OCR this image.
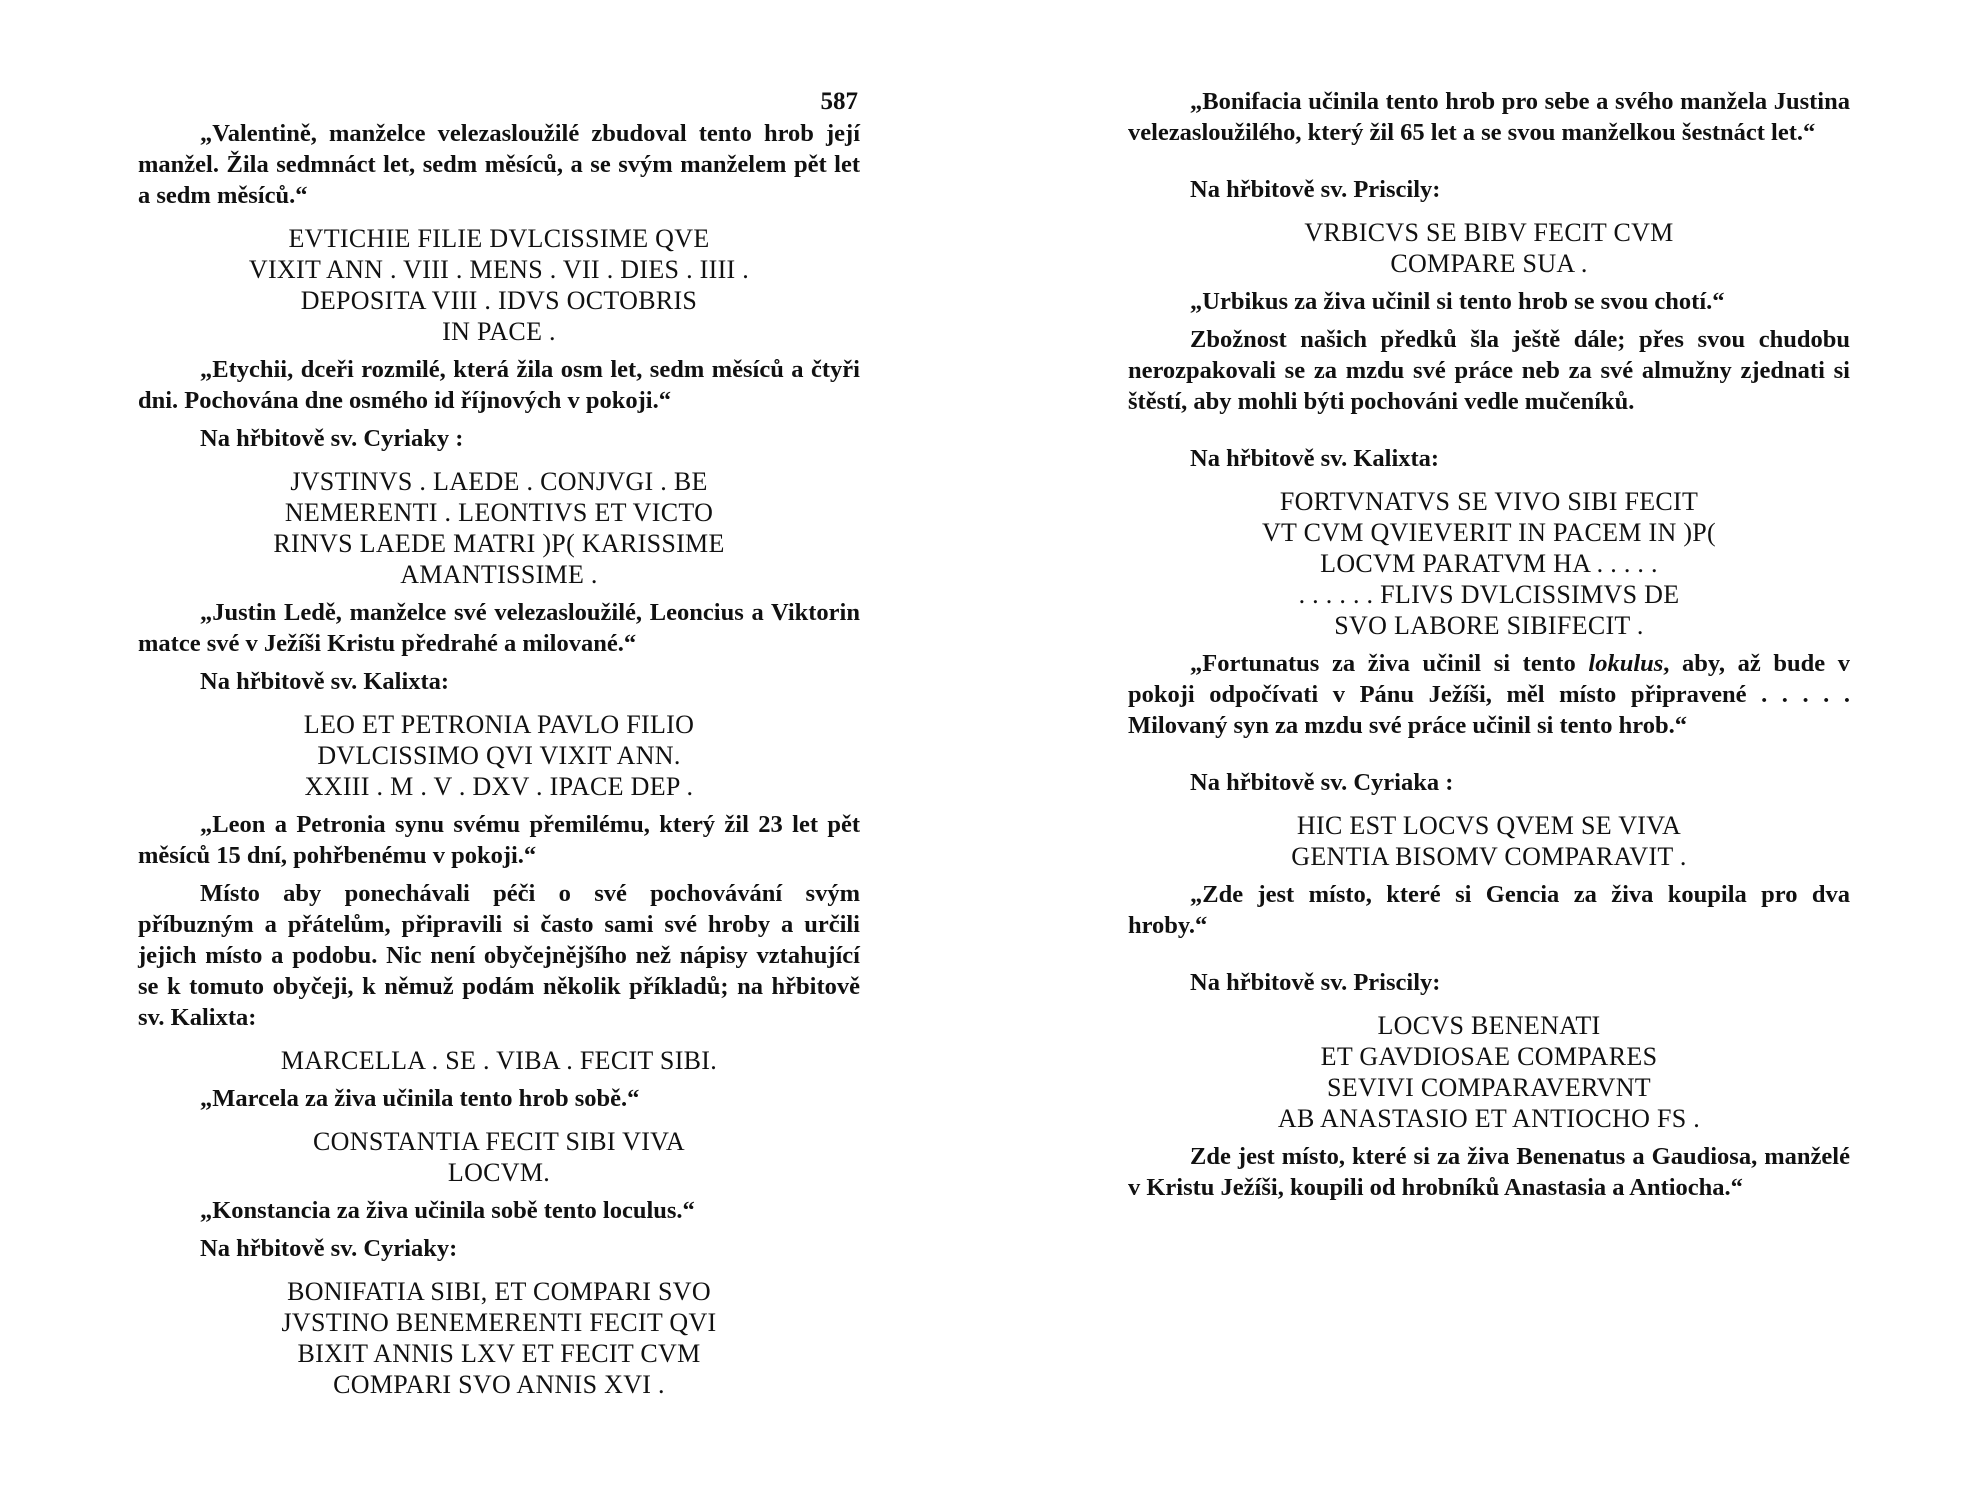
587

„Valentině, manželce velezasloužilé zbudoval tento hrob její manžel. Žila sedmnáct let, sedm měsíců, a se svým manželem pět let a sedm měsíců.“

EVTICHIE FILIE DVLCISSIME QVE
VIXIT ANN . VIII . MENS . VII . DIES . IIII .
DEPOSITA VIII . IDVS OCTOBRIS
IN PACE .

„Etychii, dceři rozmilé, která žila osm let, sedm měsíců a čtyři dni. Pochována dne osmého id říjnových v pokoji.“

Na hřbitově sv. Cyriaky :

JVSTINVS . LAEDE . CONJVGI . BE
NEMERENTI . LEONTIVS ET VICTO
RINVS LAEDE MATRI )P( KARISSIME
AMANTISSIME .

„Justin Ledě, manželce své velezasloužilé, Leoncius a Viktorin matce své v Ježíši Kristu předrahé a milované.“

Na hřbitově sv. Kalixta:

LEO ET PETRONIA PAVLO FILIO
DVLCISSIMO QVI VIXIT ANN.
XXIII . M . V . DXV . IPACE DEP .

„Leon a Petronia synu svému přemilému, který žil 23 let pět měsíců 15 dní, pohřbenému v pokoji.“

Místo aby ponechávali péči o své pochovávání svým příbuzným a přátelům, připravili si často sami své hroby a určili jejich místo a podobu. Nic není obyčejnějšího než nápisy vztahující se k tomuto obyčeji, k němuž podám několik příkladů; na hřbitově sv. Kalixta:

MARCELLA . SE . VIBA . FECIT SIBI.

„Marcela za živa učinila tento hrob sobě.“

CONSTANTIA FECIT SIBI VIVA
LOCVM.

„Konstancia za živa učinila sobě tento loculus.“

Na hřbitově sv. Cyriaky:

BONIFATIA SIBI, ET COMPARI SVO
JVSTINO BENEMERENTI FECIT QVI
BIXIT ANNIS LXV ET FECIT CVM
COMPARI SVO ANNIS XVI .

„Bonifacia učinila tento hrob pro sebe a svého manžela Justina velezasloužilého, který žil 65 let a se svou manželkou šestnáct let.“

Na hřbitově sv. Priscily:

VRBICVS SE BIBV FECIT CVM
COMPARE SUA .

„Urbikus za živa učinil si tento hrob se svou chotí.“

Zbožnost našich předků šla ještě dále; přes svou chudobu nerozpakovali se za mzdu své práce neb za své almužny zjednati si štěstí, aby mohli býti pochováni vedle mučeníků.

Na hřbitově sv. Kalixta:

FORTVNATVS SE VIVO SIBI FECIT
VT CVM QVIEVERIT IN PACEM IN )P(
LOCVM PARATVM HA . . . . .
. . . . . . FLIVS DVLCISSIMVS DE
SVO LABORE SIBIFECIT .

„Fortunatus za živa učinil si tento lokulus, aby, až bude v pokoji odpočívati v Pánu Ježíši, měl místo připravené . . . . . Milovaný syn za mzdu své práce učinil si tento hrob.“

Na hřbitově sv. Cyriaka :

HIC EST LOCVS QVEM SE VIVA
GENTIA BISOMV COMPARAVIT .

„Zde jest místo, které si Gencia za živa koupila pro dva hroby.“

Na hřbitově sv. Priscily:

LOCVS BENENATI
ET GAVDIOSAE COMPARES
SEVIVI COMPARAVERVNT
AB ANASTASIO ET ANTIOCHO FS .

Zde jest místo, které si za živa Benenatus a Gaudiosa, manželé v Kristu Ježíši, koupili od hrobníků Anastasia a Antiocha.“
